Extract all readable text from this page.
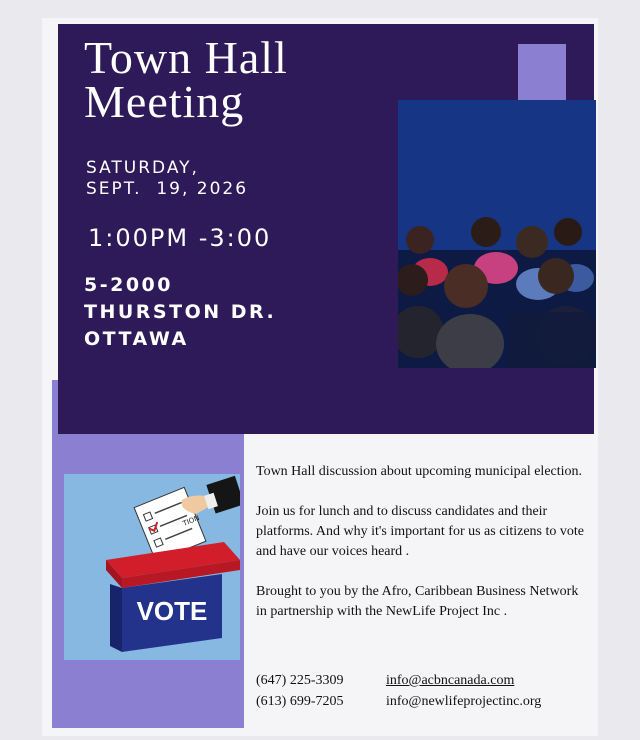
Town Hall
Meeting
SATURDAY,
SEPT.  19, 2026
1:00PM -3:00
5-2000
THURSTON DR.
OTTAWA
TION
VOTE

Town Hall discussion about upcoming municipal election.

Join us for lunch and to discuss candidates and their platforms. And why it's important for us as citizens to vote and have our voices heard .

Brought to you by the Afro, Caribbean Business Network in partnership with the NewLife Project Inc .

(647) 225-3309	info@acbncanada.com
(613) 699-7205	info@newlifeprojectinc.org
